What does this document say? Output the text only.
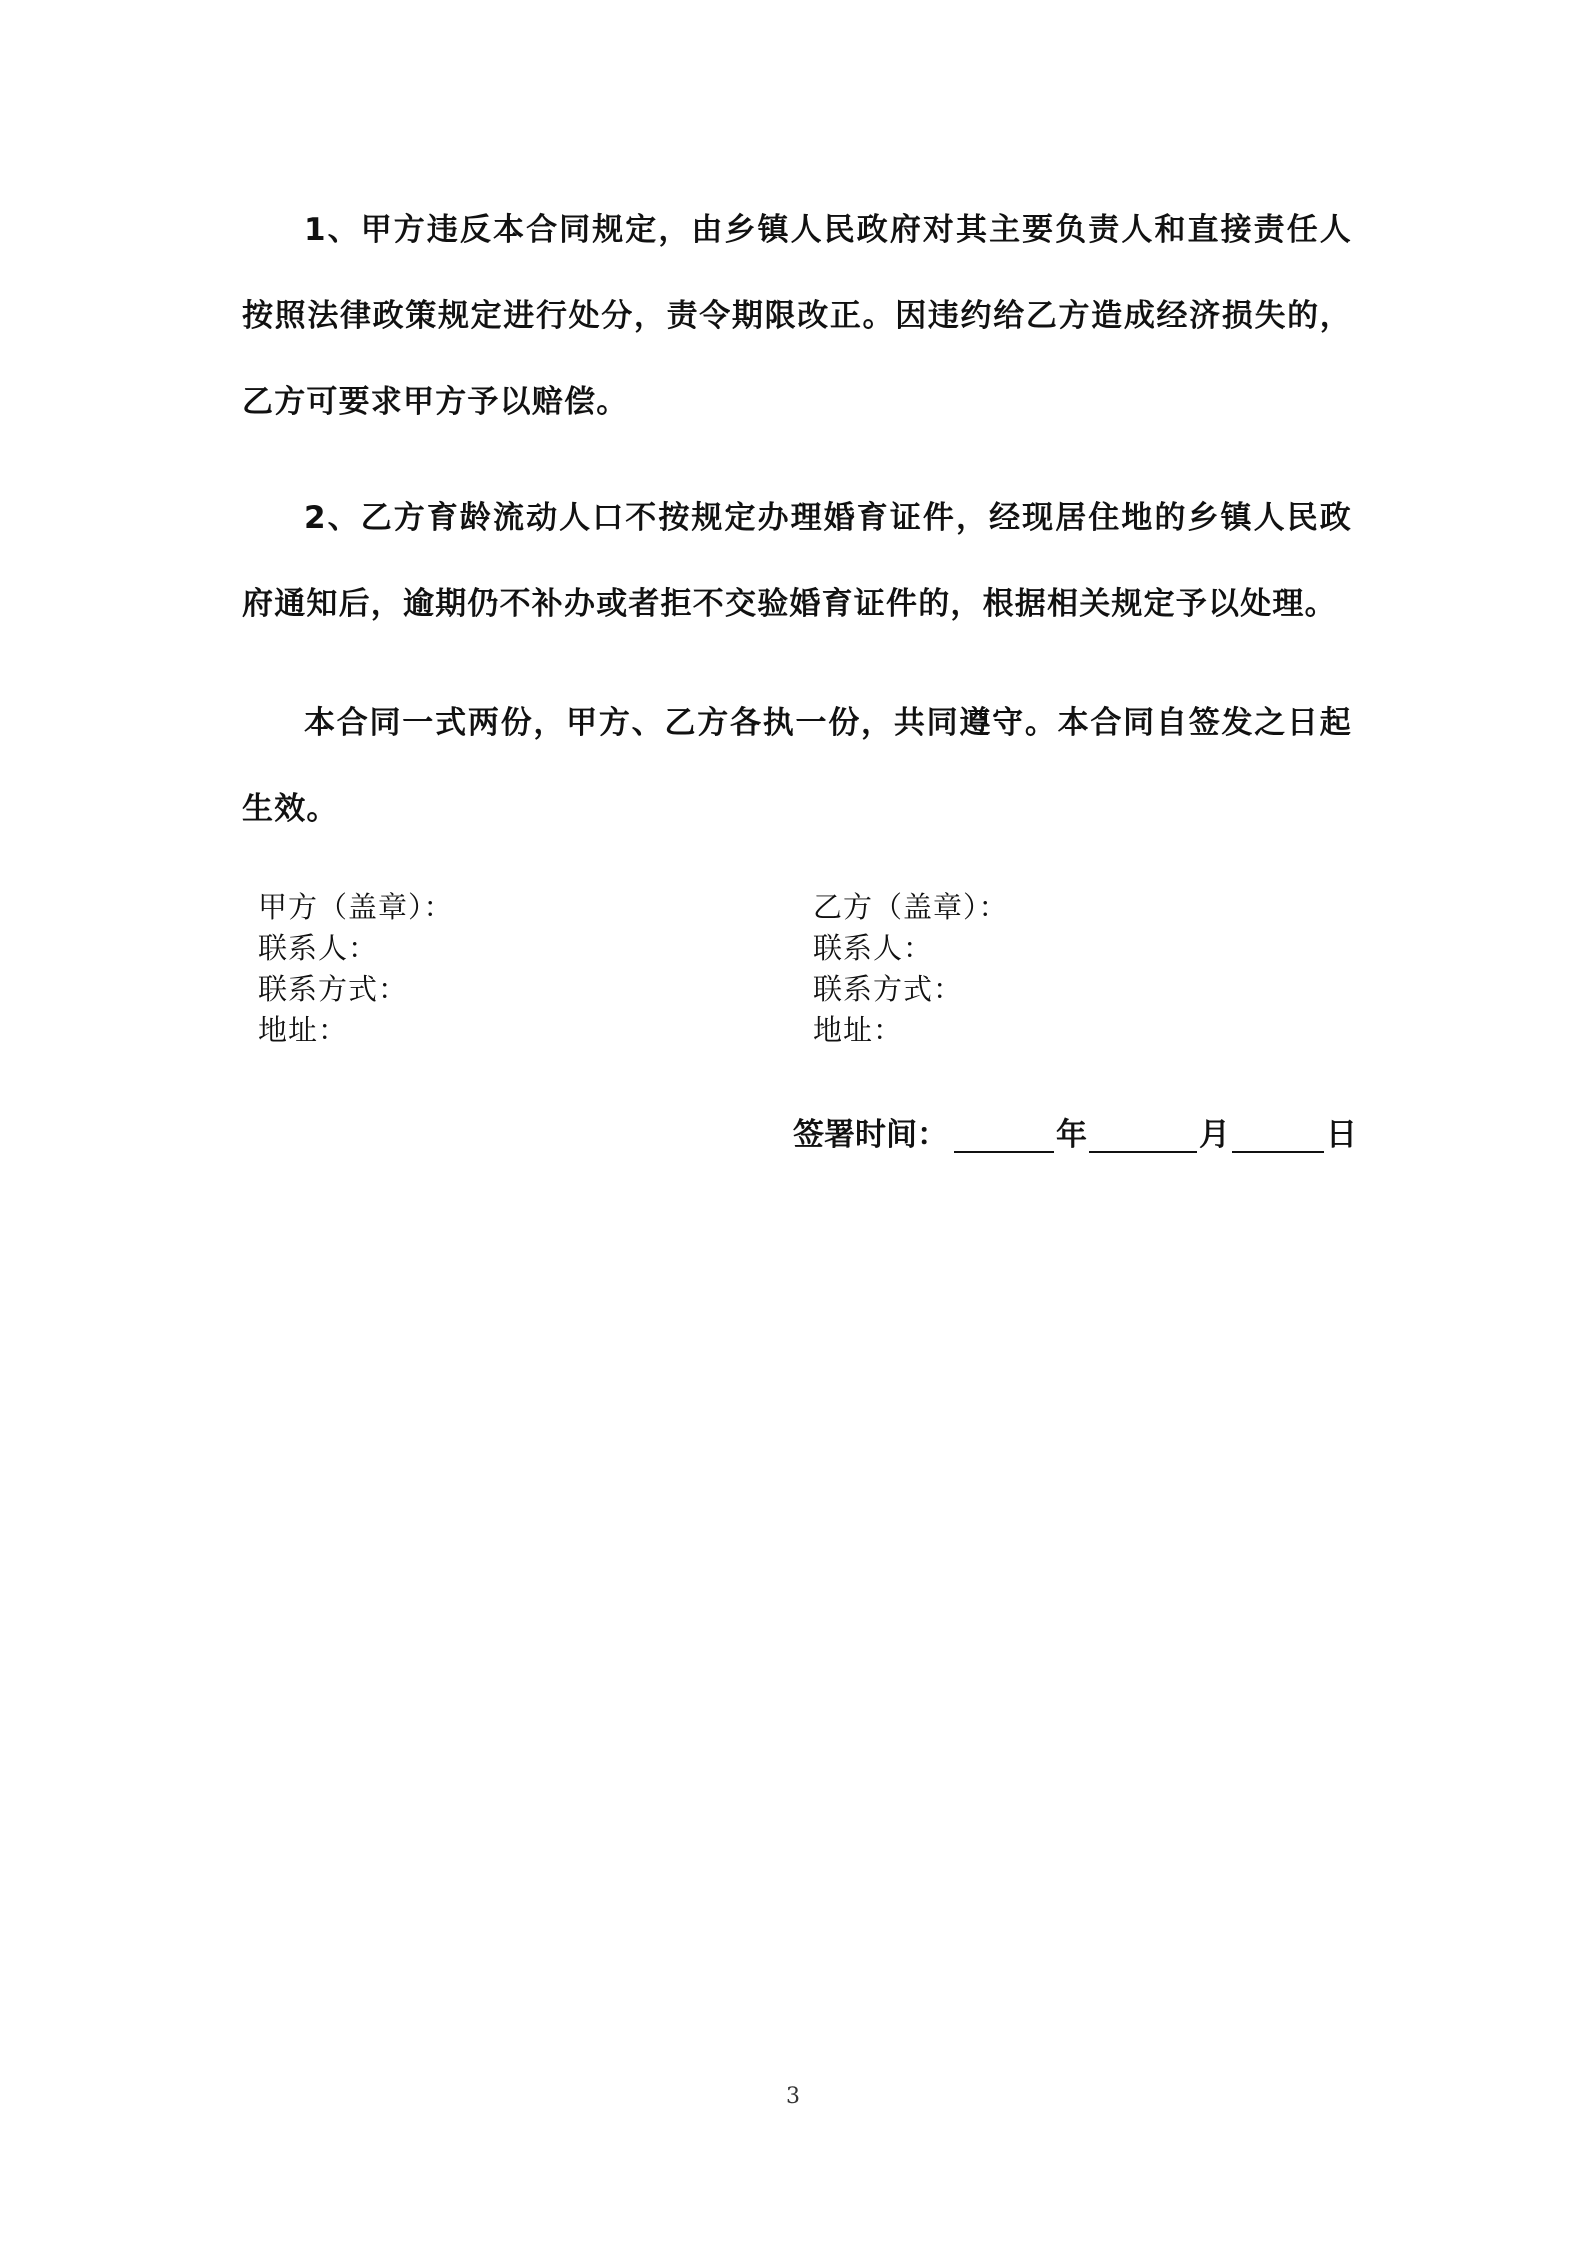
1、甲方违反本合同规定，由乡镇人民政府对其主要负责人和直接责任人按照法律政策规定进行处分，责令期限改正。因违约给乙方造成经济损失的，乙方可要求甲方予以赔偿。

2、乙方育龄流动人口不按规定办理婚育证件，经现居住地的乡镇人民政府通知后，逾期仍不补办或者拒不交验婚育证件的，根据相关规定予以处理。

本合同一式两份，甲方、乙方各执一份，共同遵守。本合同自签发之日起生效。

甲方（盖章）：
联系人：
联系方式：
地址：
乙方（盖章）：
联系人：
联系方式：
地址：
签署时间：	年	月	日
3
